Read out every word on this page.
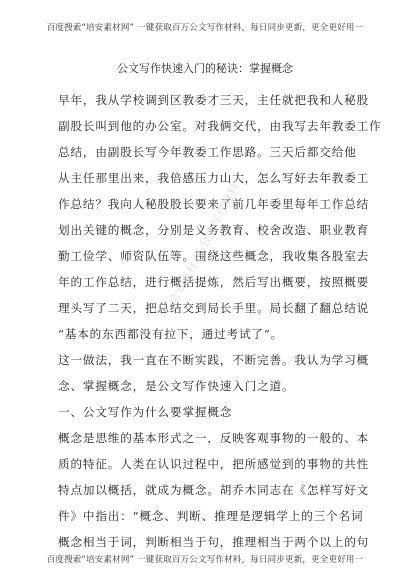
百度搜索“培安素材网” 一键获取百万公文写作材料，每日同步更新，更全更好用一
公文写作快速入门的秘诀：掌握概念
早年，我从学校调到区教委才三天，主任就把我和人秘股
副股长叫到他的办公室。对我俩交代，由我写去年教委工作
总结，由副股长写今年教委工作思路。三天后都交给他
从主任那里出来，我倍感压力山大，怎么写好去年教委工
作总结？我向人秘股股长要来了前几年委里每年工作总结
划出关键的概念，分别是义务教育、校舍改造、职业教育
勤工俭学、师资队伍等。围绕这些概念，我收集各股室去
年的工作总结，进行概括提炼，然后写出概要，按照概要
理头写了二天，把总结交到局长手里。局长翻了翻总结说
“基本的东西都没有拉下，通过考试了”。
这一做法，我一直在不断实践，不断完善。我认为学习概
念、掌握概念，是公文写作快速入门之道。
一、公文写作为什么要掌握概念
概念是思维的基本形式之一，反映客观事物的一般的、本
质的特征。人类在认识过程中，把所感觉到的事物的共性
特点加以概括，就成为概念。胡乔木同志在《怎样写好文
件》中指出：“概念、判断、推理是逻辑学上的三个名词
概念相当于词，判断相当于句，推理相当于两个以上的句
培安素材网·公文写作材料
百度搜索“培安素材网” 一键获取百万公文写作材料，每日同步更新，更全更好用一
